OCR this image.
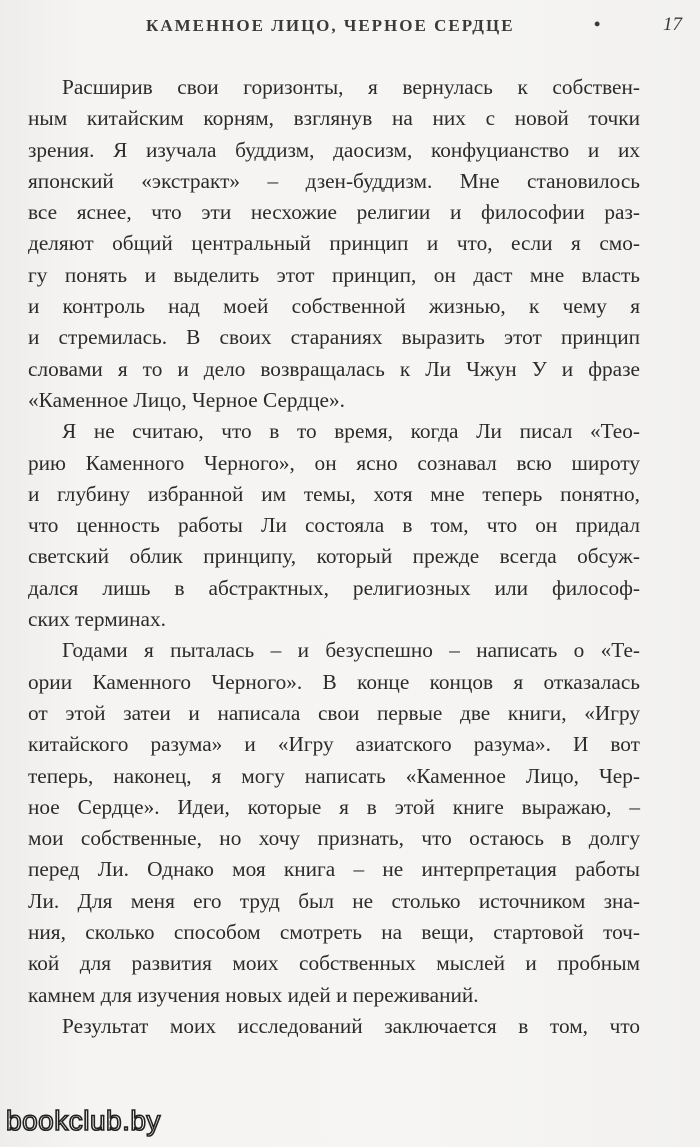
КАМЕННОЕ ЛИЦО, ЧЕРНОЕ СЕРДЦЕ	•	17
Расширив свои горизонты, я вернулась к собствен-
ным китайским корням, взглянув на них с новой точки
зрения. Я изучала буддизм, даосизм, конфуцианство и их
японский «экстракт» – дзен-буддизм. Мне становилось
все яснее, что эти несхожие религии и философии раз-
деляют общий центральный принцип и что, если я смо-
гу понять и выделить этот принцип, он даст мне власть
и контроль над моей собственной жизнью, к чему я
и стремилась. В своих стараниях выразить этот принцип
словами я то и дело возвращалась к Ли Чжун У и фразе
«Каменное Лицо, Черное Сердце».
Я не считаю, что в то время, когда Ли писал «Тео-
рию Каменного Черного», он ясно сознавал всю широту
и глубину избранной им темы, хотя мне теперь понятно,
что ценность работы Ли состояла в том, что он придал
светский облик принципу, который прежде всегда обсуж-
дался лишь в абстрактных, религиозных или философ-
ских терминах.
Годами я пыталась – и безуспешно – написать о «Те-
ории Каменного Черного». В конце концов я отказалась
от этой затеи и написала свои первые две книги, «Игру
китайского разума» и «Игру азиатского разума». И вот
теперь, наконец, я могу написать «Каменное Лицо, Чер-
ное Сердце». Идеи, которые я в этой книге выражаю, –
мои собственные, но хочу признать, что остаюсь в долгу
перед Ли. Однако моя книга – не интерпретация работы
Ли. Для меня его труд был не столько источником зна-
ния, сколько способом смотреть на вещи, стартовой точ-
кой для развития моих собственных мыслей и пробным
камнем для изучения новых идей и переживаний.
Результат моих исследований заключается в том, что
bookclub.by
